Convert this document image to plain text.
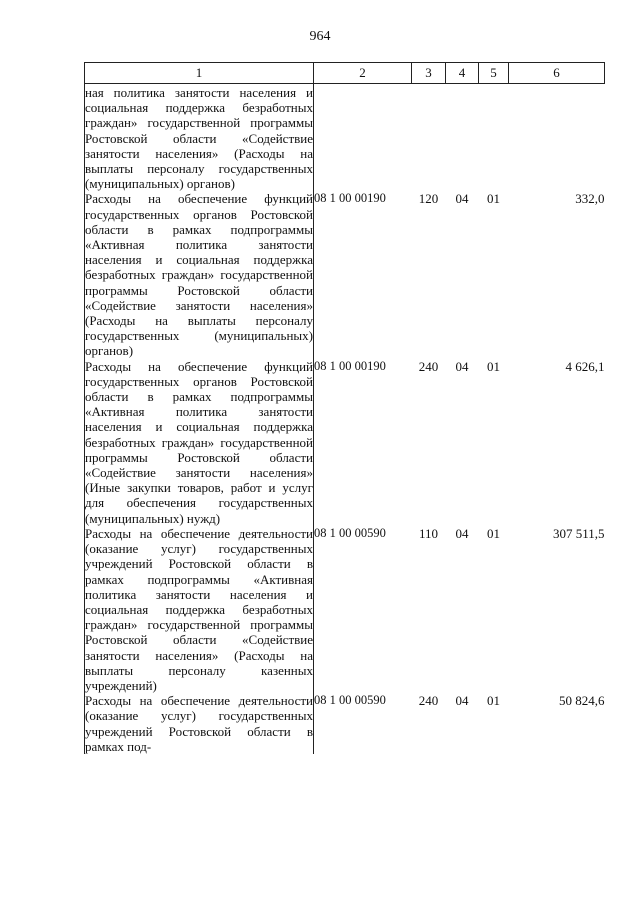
964
1	2	3	4	5	6
ная политика занятости населения и социальная поддержка безработных граждан» государственной программы Ростовской области «Содействие занятости населения» (Расходы на выплаты персоналу государственных (муниципальных) органов)					
Расходы на обеспечение функций государственных органов Ростовской области в рамках подпрограммы «Активная политика занятости населения и социальная поддержка безработных граждан» государственной программы Ростовской области «Содействие занятости населения» (Расходы на выплаты персоналу государственных (муниципальных) органов)	08 1 00 00190	120	04	01	332,0
Расходы на обеспечение функций государственных органов Ростовской области в рамках подпрограммы «Активная политика занятости населения и социальная поддержка безработных граждан» государственной программы Ростовской области «Содействие занятости населения» (Иные закупки товаров, работ и услуг для обеспечения государственных (муниципальных) нужд)	08 1 00 00190	240	04	01	4 626,1
Расходы на обеспечение деятельности (оказание услуг) государственных учреждений Ростовской области в рамках подпрограммы «Активная политика занятости населения и социальная поддержка безработных граждан» государственной программы Ростовской области «Содействие занятости населения» (Расходы на выплаты персоналу казенных учреждений)	08 1 00 00590	110	04	01	307 511,5
Расходы на обеспечение деятельности (оказание услуг) государственных учреждений Ростовской области в рамках под-	08 1 00 00590	240	04	01	50 824,6
